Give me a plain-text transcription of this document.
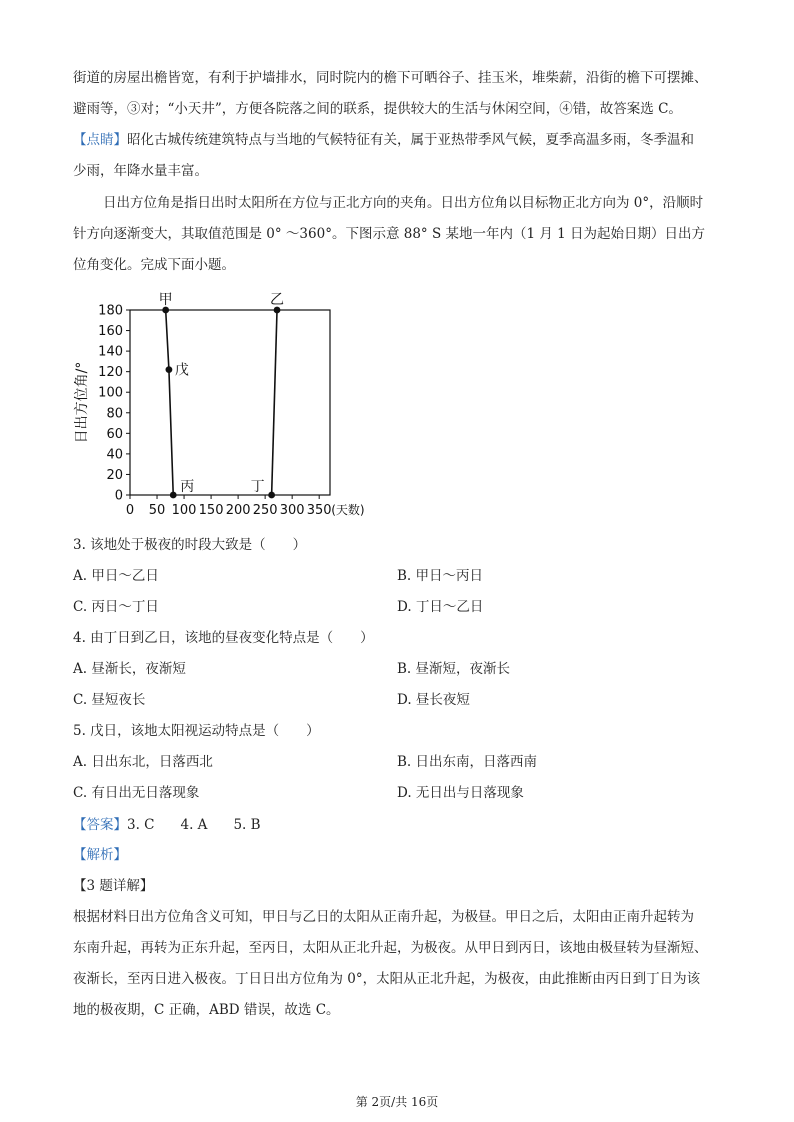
街道的房屋出檐皆宽，有利于护墙排水，同时院内的檐下可晒谷子、挂玉米，堆柴薪，沿街的檐下可摆摊、
避雨等，③对；“小天井”，方便各院落之间的联系，提供较大的生活与休闲空间，④错，故答案选 C。
【点睛】昭化古城传统建筑特点与当地的气候特征有关，属于亚热带季风气候，夏季高温多雨，冬季温和
少雨，年降水量丰富。
日出方位角是指日出时太阳所在方位与正北方向的夹角。日出方位角以目标物正北方向为 0°，沿顺时
针方向逐渐变大，其取值范围是 0° ～360°。下图示意 88° S 某地一年内（1 月 1 日为起始日期）日出方
位角变化。完成下面小题。
日出方位角/°
0
20
40
60
80
100
120
140
160
180
0 50 100 150 200 250 300 350 (天数)
甲
戊
丙	丁
乙
3. 该地处于极夜的时段大致是（　　）
A. 甲日～乙日	B. 甲日～丙日
C. 丙日～丁日	D. 丁日～乙日
4. 由丁日到乙日，该地的昼夜变化特点是（　　）
A. 昼渐长，夜渐短	B. 昼渐短，夜渐长
C. 昼短夜长	D. 昼长夜短
5. 戊日，该地太阳视运动特点是（　　）
A. 日出东北，日落西北	B. 日出东南，日落西南
C. 有日出无日落现象	D. 无日出与日落现象
【答案】3. C 4. A 5. B
【解析】
【3 题详解】
根据材料日出方位角含义可知，甲日与乙日的太阳从正南升起，为极昼。甲日之后，太阳由正南升起转为
东南升起，再转为正东升起，至丙日，太阳从正北升起，为极夜。从甲日到丙日，该地由极昼转为昼渐短、
夜渐长，至丙日进入极夜。丁日日出方位角为 0°，太阳从正北升起，为极夜，由此推断由丙日到丁日为该
地的极夜期，C 正确，ABD 错误，故选 C。
第 2页/共 16页
